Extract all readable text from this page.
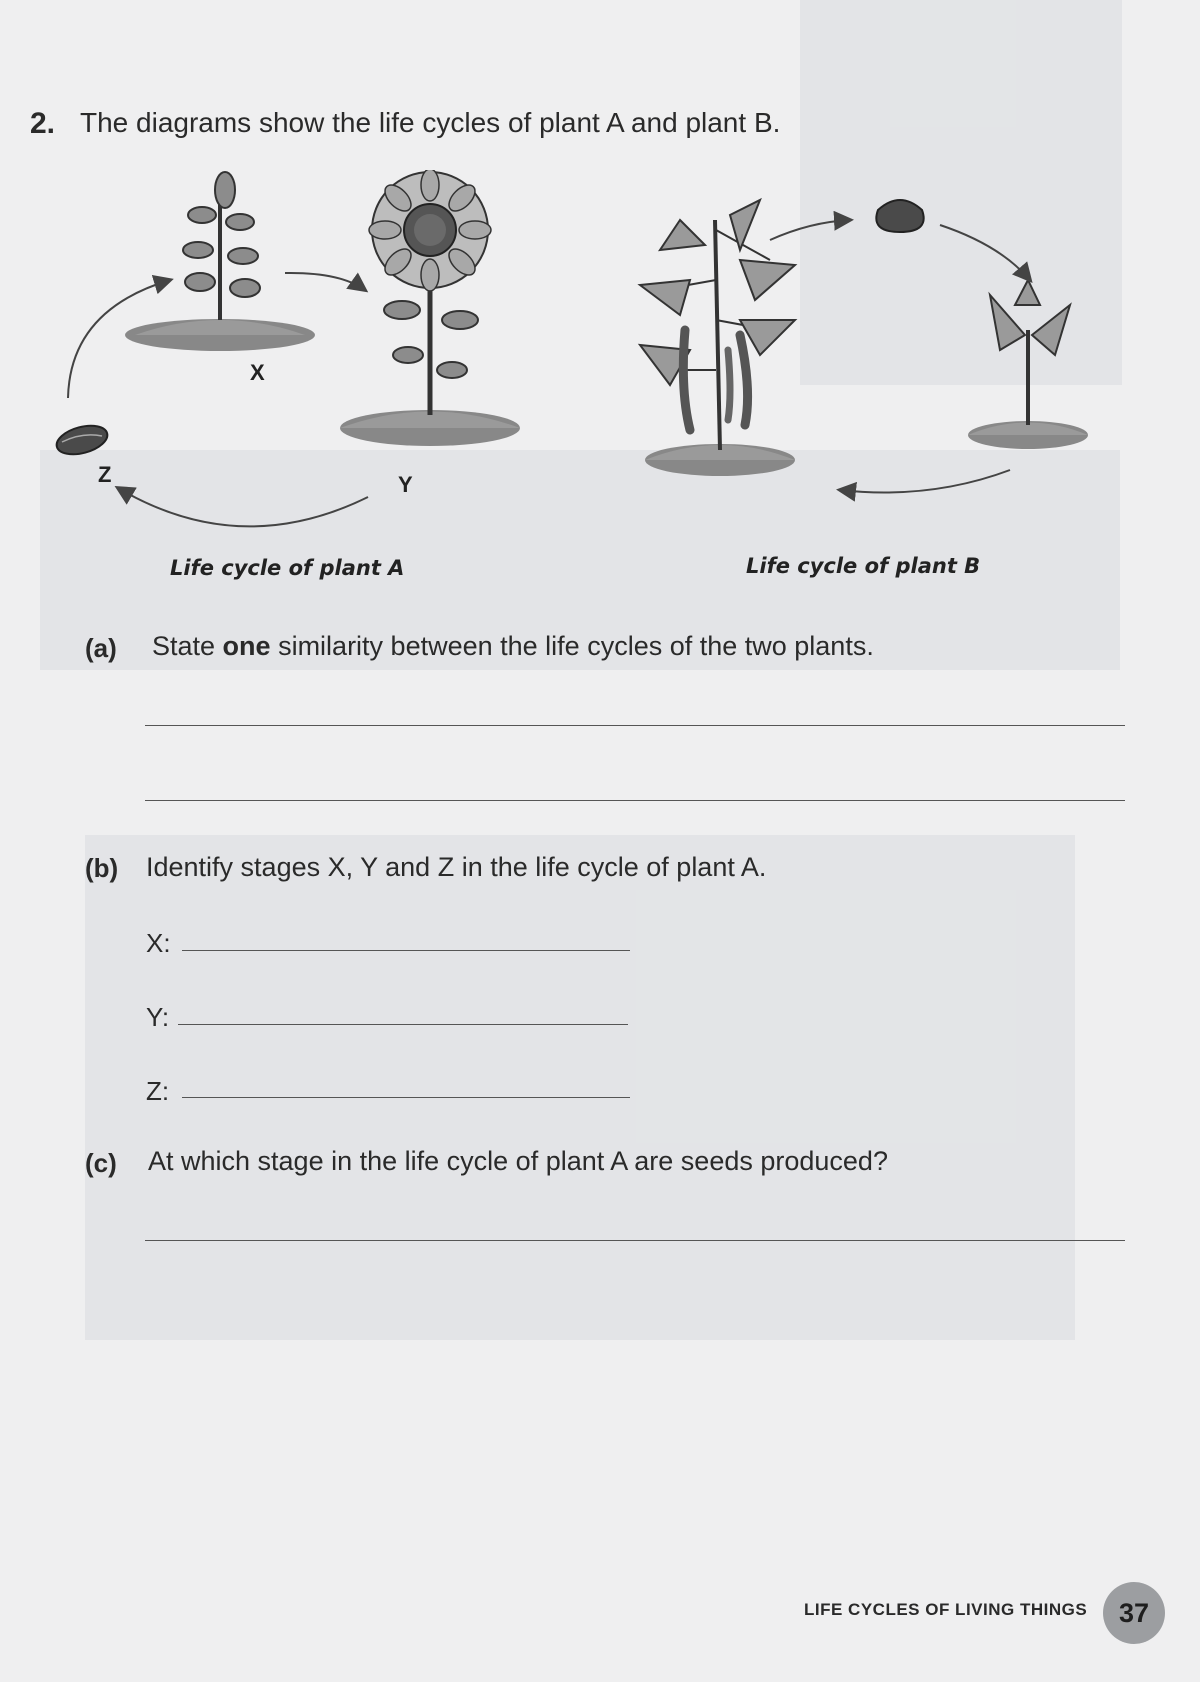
2. The diagrams show the life cycles of plant A and plant B.
X
Y
Z
Life cycle of plant A	Life cycle of plant B
(a) State one similarity between the life cycles of the two plants.
(b) Identify stages X, Y and Z in the life cycle of plant A.
X:
Y:
Z:
(c) At which stage in the life cycle of plant A are seeds produced?
LIFE CYCLES OF LIVING THINGS	37
